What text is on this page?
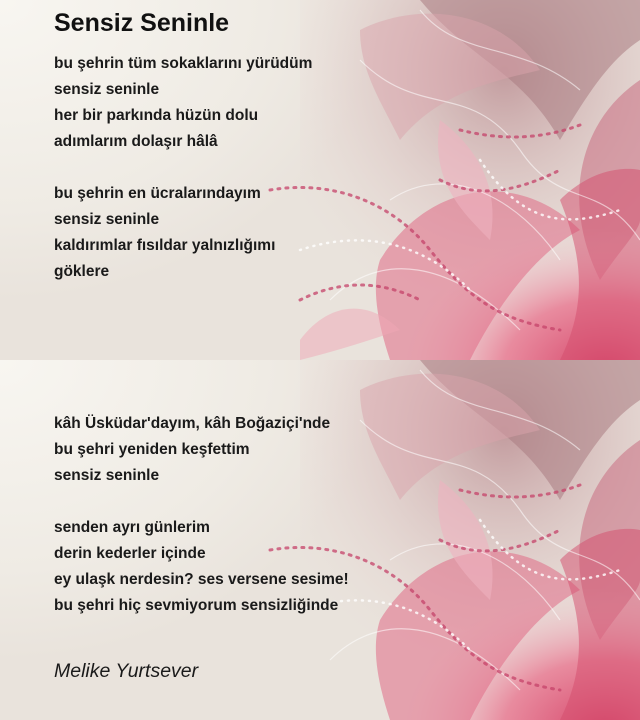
Sensiz Seninle
bu şehrin tüm sokaklarını yürüdüm
sensiz seninle
her bir parkında hüzün dolu
adımlarım dolaşır hâlâ
bu şehrin en ücralarındayım
sensiz seninle
kaldırımlar fısıldar yalnızlığımı
göklere
kâh Üsküdar'dayım, kâh Boğaziçi'nde
bu şehri yeniden keşfettim
sensiz seninle
senden ayrı günlerim
derin kederler içinde
ey ulaşk nerdesin? ses versene sesime!
bu şehri hiç sevmiyorum sensizliğinde
Melike Yurtsever
